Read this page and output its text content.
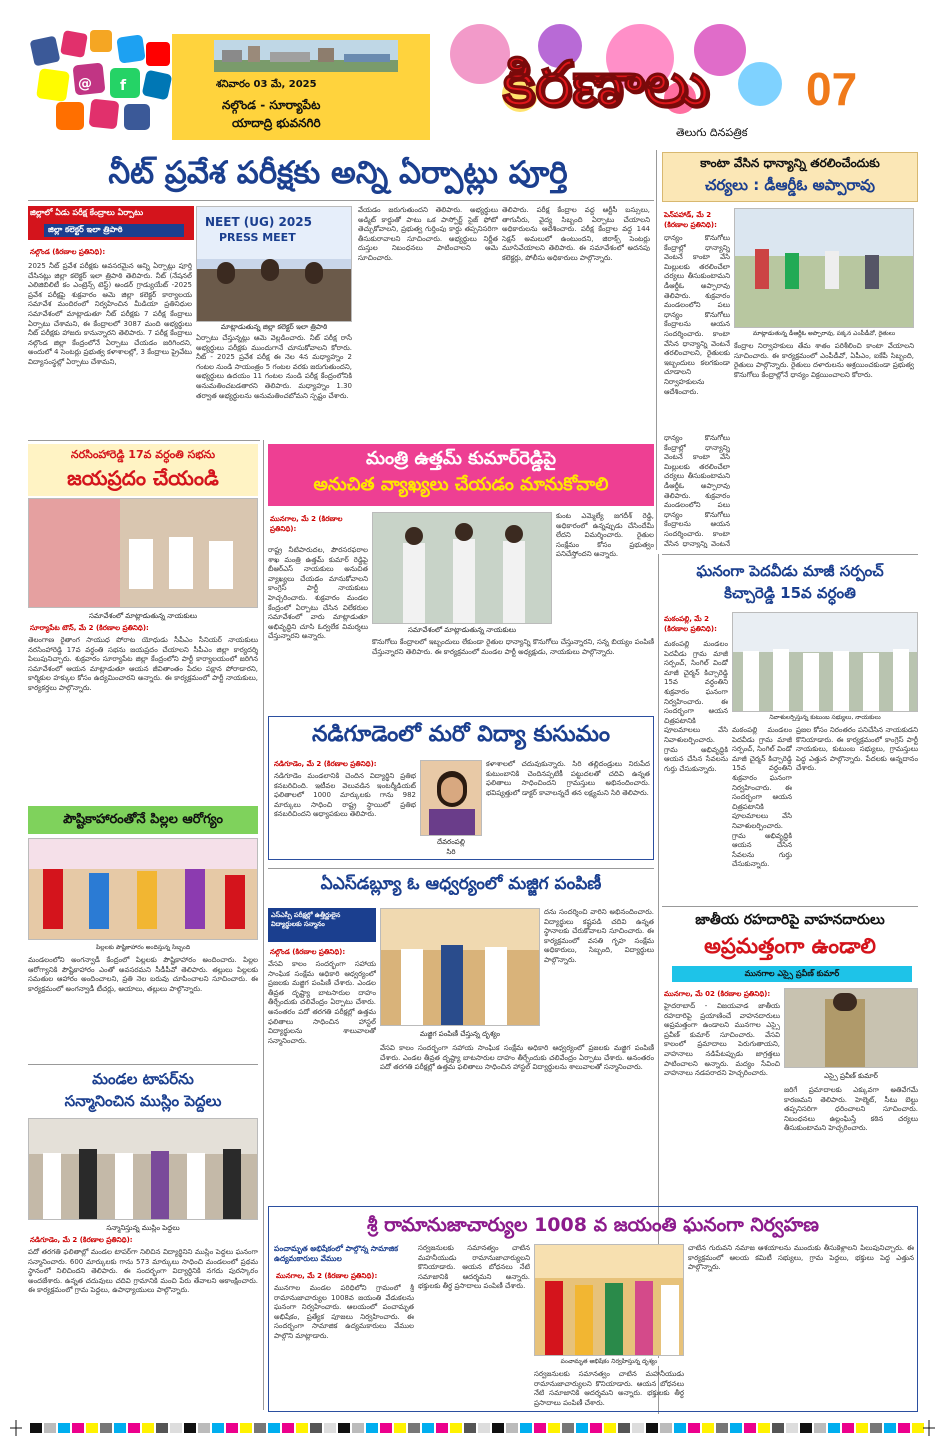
@ f	శనివారం 03 మే, 2025
నల్గొండ - సూర్యాపేట
యాదాద్రి భువనగిరి
కిరణాలు
తెలుగు దినపత్రిక
07
నీట్ ప్రవేశ పరీక్షకు అన్ని ఏర్పాట్లు పూర్తి
జిల్లాలో ఏడు పరీక్ష కేంద్రాలు ఏర్పాటు
జిల్లా కలెక్టర్ ఇలా త్రిపాఠి
నల్గొండ (కిరణాల ప్రతినిధి):
2025 నీట్ ప్రవేశ పరీక్షకు అవసరమైన అన్ని ఏర్పాట్లు పూర్తి చేసినట్లు జిల్లా కలెక్టర్ ఇలా త్రిపాఠి తెలిపారు. నీట్ (నేషనల్ ఎలిజిబిలిటీ కం ఎంట్రెన్స్ టెస్ట్) అండర్ గ్రాడ్యుయేట్ -2025 ప్రవేశ పరీక్షపై శుక్రవారం ఆమె జిల్లా కలెక్టర్ కార్యాలయ సమావేశ మందిరంలో నిర్వహించిన మీడియా ప్రతినిధుల సమావేశంలో మాట్లాడుతూ నీట్ పరీక్షకు 7 పరీక్ష కేంద్రాలు ఏర్పాటు చేశామని, ఈ కేంద్రాలలో 3087 మంది అభ్యర్థులు నీట్ పరీక్షకు హాజరు కానున్నారని తెలిపారు. 7 పరీక్ష కేంద్రాలు నల్గొండ జిల్లా కేంద్రంలోనే ఏర్పాటు చేయడం జరిగిందని, అందులో 4 సెంటర్లు ప్రభుత్వ కళాశాలల్లో, 3 కేంద్రాలు ప్రైవేటు విద్యాసంస్థల్లో ఏర్పాటు చేశామని,
NEET (UG) 2025
PRESS MEET
మాట్లాడుతున్న జిల్లా కలెక్టర్ ఇలా త్రిపాఠి
ఏర్పాటు చేస్తున్నట్లు ఆమె వెల్లడించారు. నీట్ పరీక్ష రాసే అభ్యర్థులు పరీక్షకు ముందుగానే చూసుకోవాలని కోరారు. నీట్ - 2025 ప్రవేశ పరీక్ష ఈ నెల 4న మధ్యాహ్నం 2 గంటల నుండి సాయంత్రం 5 గంటల వరకు జరుగుతుందని, అభ్యర్థులు ఉదయం 11 గంటల నుండి పరీక్ష కేంద్రంలోనికి అనుమతించబడతారని తెలిపారు. మధ్యాహ్నం 1.30 తర్వాత అభ్యర్థులను అనుమతించబోమని స్పష్టం చేశారు.
వేయడం జరుగుతుందని తెలిపారు. అభ్యర్థులు అడ్మిట్ కార్డుతో పాటు ఒక పాస్పోర్ట్ సైజ్ ఫోటో తెచ్చుకోవాలని, ప్రభుత్వ గుర్తింపు కార్డు తప్పనిసరిగా తీసుకురావాలని సూచించారు. అభ్యర్థులు నిర్ణీత దుస్తుల నిబంధనలు పాటించాలని ఆమె సూచించారు.
తెలిపారు. పరీక్ష కేంద్రాల వద్ద ఆర్టీసీ బస్సులు, తాగునీరు, వైద్య సిబ్బంది ఏర్పాటు చేయాలని అధికారులను ఆదేశించారు. పరీక్ష కేంద్రాల వద్ద 144 సెక్షన్ అమలులో ఉంటుందని, జిరాక్స్ సెంటర్లు మూసివేయాలని తెలిపారు. ఈ సమావేశంలో అదనపు కలెక్టర్లు, పోలీసు అధికారులు పాల్గొన్నారు.
కాంటా వేసిన ధాన్యాన్ని తరలించేందుకు
చర్యలు : డీఆర్డీఓ అప్పారావు
పెన్‌పహాడ్, మే 2 (కిరణాల ప్రతినిధి):
ధాన్యం కొనుగోలు కేంద్రాల్లో ధాన్యాన్ని వెంటనే కాంటా వేసి మిల్లులకు తరలించేలా చర్యలు తీసుకుంటామని డీఆర్డీఓ అప్పారావు తెలిపారు. శుక్రవారం మండలంలోని పలు ధాన్యం కొనుగోలు కేంద్రాలను ఆయన సందర్శించారు. కాంటా వేసిన ధాన్యాన్ని వెంటనే తరలించాలని, రైతులకు ఇబ్బందులు కలగకుండా చూడాలని నిర్వాహకులను ఆదేశించారు.
మాట్లాడుతున్న డీఆర్డీఓ అప్పారావు, పక్కన ఎంపీడీవో, రైతులు
కేంద్రాల నిర్వాహకులు తేమ శాతం పరిశీలించి కాంటా వేయాలని సూచించారు. ఈ కార్యక్రమంలో ఎంపీడీవో, ఏపీఎం, ఐకేపీ సిబ్బంది, రైతులు పాల్గొన్నారు. రైతులు దళారులను ఆశ్రయించకుండా ప్రభుత్వ కొనుగోలు కేంద్రాల్లోనే ధాన్యం విక్రయించాలని కోరారు.
ధాన్యం కొనుగోలు కేంద్రాల్లో ధాన్యాన్ని వెంటనే కాంటా వేసి మిల్లులకు తరలించేలా చర్యలు తీసుకుంటామని డీఆర్డీఓ అప్పారావు తెలిపారు. శుక్రవారం మండలంలోని పలు ధాన్యం కొనుగోలు కేంద్రాలను ఆయన సందర్శించారు. కాంటా వేసిన ధాన్యాన్ని వెంటనే
నరసింహారెడ్డి 17వ వర్ధంతి సభను
జయప్రదం చేయండి
సమావేశంలో మాట్లాడుతున్న నాయకులు
సూర్యాపేట టౌన్, మే 2 (కిరణాల ప్రతినిధి):
తెలంగాణ రైతాంగ సాయుధ పోరాట యోధుడు సీపీఎం సీనియర్ నాయకులు నరసింహారెడ్డి 17వ వర్ధంతి సభను జయప్రదం చేయాలని సీపీఎం జిల్లా కార్యదర్శి పిలుపునిచ్చారు. శుక్రవారం సూర్యాపేట జిల్లా కేంద్రంలోని పార్టీ కార్యాలయంలో జరిగిన సమావేశంలో ఆయన మాట్లాడుతూ ఆయన జీవితాంతం పేదల పక్షాన పోరాడారని, కార్మికుల హక్కుల కోసం ఉద్యమించారని అన్నారు. ఈ కార్యక్రమంలో పార్టీ నాయకులు, కార్యకర్తలు పాల్గొన్నారు.
మంత్రి ఉత్తమ్ కుమార్‌రెడ్డిపై
అనుచిత వ్యాఖ్యలు చేయడం మానుకోవాలి
మునగాల, మే 2 (కిరణాల ప్రతినిధి):
రాష్ట్ర నీటిపారుదల, పౌరసరఫరాల శాఖ మంత్రి ఉత్తమ్ కుమార్ రెడ్డిపై బీఆర్ఎస్ నాయకులు అనుచిత వ్యాఖ్యలు చేయడం మానుకోవాలని కాంగ్రెస్ పార్టీ నాయకులు హెచ్చరించారు. శుక్రవారం మండల కేంద్రంలో ఏర్పాటు చేసిన విలేకరుల సమావేశంలో వారు మాట్లాడుతూ అభివృద్ధిని చూసి ఓర్వలేక విమర్శలు చేస్తున్నారని అన్నారు.
సమావేశంలో మాట్లాడుతున్న నాయకులు
కుంట ఎమ్మెల్యే జగదీశ్ రెడ్డి, అధికారంలో ఉన్నప్పుడు చేసిందేమీ లేదని విమర్శించారు. రైతుల సంక్షేమం కోసం ప్రభుత్వం పనిచేస్తోందని అన్నారు.
కొనుగోలు కేంద్రాలలో ఇబ్బందులు లేకుండా రైతుల ధాన్యాన్ని కొనుగోలు చేస్తున్నారని, సన్న బియ్యం పంపిణీ చేస్తున్నారని తెలిపారు. ఈ కార్యక్రమంలో మండల పార్టీ అధ్యక్షుడు, నాయకులు పాల్గొన్నారు.
నడిగూడెంలో మరో విద్యా కుసుమం
నడిగూడెం, మే 2 (కిరణాల ప్రతినిధి):
నడిగూడెం మండలానికి చెందిన విద్యార్థిని ప్రతిభ కనబరిచింది. ఇటీవల వెలువడిన ఇంటర్మీడియట్ ఫలితాలలో 1000 మార్కులకు గాను 982 మార్కులు సాధించి రాష్ట్ర స్థాయిలో ప్రతిభ కనబరిచిందని అధ్యాపకులు తెలిపారు.
దేవరంపల్లి
సిరి
కళాశాలలో చదువుకున్నారు. సిరి తల్లిదండ్రులు నిరుపేద కుటుంబానికి చెందినప్పటికీ పట్టుదలతో చదివి ఉన్నత ఫలితాలు సాధించిందని గ్రామస్తులు అభినందించారు. భవిష్యత్తులో డాక్టర్ కావాలన్నదే తన లక్ష్యమని సిరి తెలిపారు.
ఘనంగా పెదవీడు మాజీ సర్పంచ్
కిచ్చారెడ్డి 15వ వర్ధంతి
మఠంపల్లి, మే 2 (కిరణాల ప్రతినిధి):
మఠంపల్లి మండలం పెదవీడు గ్రామ మాజీ సర్పంచ్, సింగిల్ విండో మాజీ చైర్మన్ కిచ్చారెడ్డి 15వ వర్ధంతిని శుక్రవారం ఘనంగా నిర్వహించారు. ఈ సందర్భంగా ఆయన చిత్రపటానికి పూలమాలలు వేసి నివాళులర్పించారు. గ్రామ అభివృద్ధికి ఆయన చేసిన సేవలను గుర్తు చేసుకున్నారు.
నివాళులర్పిస్తున్న కుటుంబ సభ్యులు, నాయకులు
ప్రజల కోసం నిరంతరం పనిచేసిన నాయకుడని కొనియాడారు. ఈ కార్యక్రమంలో కాంగ్రెస్ పార్టీ నాయకులు, కుటుంబ సభ్యులు, గ్రామస్తులు పెద్ద ఎత్తున పాల్గొన్నారు. పేదలకు అన్నదానం చేశారు.
మఠంపల్లి మండలం పెదవీడు గ్రామ మాజీ సర్పంచ్, సింగిల్ విండో మాజీ చైర్మన్ కిచ్చారెడ్డి 15వ వర్ధంతిని శుక్రవారం ఘనంగా నిర్వహించారు. ఈ సందర్భంగా ఆయన చిత్రపటానికి పూలమాలలు వేసి నివాళులర్పించారు. గ్రామ అభివృద్ధికి ఆయన చేసిన సేవలను గుర్తు చేసుకున్నారు.
పౌష్టికాహారంతోనే పిల్లల ఆరోగ్యం
పిల్లలకు పౌష్టికాహారం అందిస్తున్న సిబ్బంది
మండలంలోని అంగన్వాడీ కేంద్రంలో పిల్లలకు పౌష్టికాహారం అందించారు. పిల్లల ఆరోగ్యానికి పౌష్టికాహారం ఎంతో అవసరమని సీడీపీవో తెలిపారు. తల్లులు పిల్లలకు సమతుల ఆహారం అందించాలని, ప్రతి నెల బరువు చూపించాలని సూచించారు. ఈ కార్యక్రమంలో అంగన్వాడీ టీచర్లు, ఆయాలు, తల్లులు పాల్గొన్నారు.
ఏఎస్‌డబ్ల్యూ ఓ ఆధ్వర్యంలో మజ్జిగ పంపిణీ
ఎస్ఎస్సీ పరీక్షల్లో ఉత్తీర్ణులైన విద్యార్థులకు సన్మానం
నల్గొండ (కిరణాల ప్రతినిధి):
వేసవి కాలం సందర్భంగా సహాయ సాంఘిక సంక్షేమ అధికారి ఆధ్వర్యంలో ప్రజలకు మజ్జిగ పంపిణీ చేశారు. ఎండల తీవ్రత దృష్ట్యా బాటసారుల దాహం తీర్చేందుకు చలివేంద్రం ఏర్పాటు చేశారు. అనంతరం పదో తరగతి పరీక్షల్లో ఉత్తమ ఫలితాలు సాధించిన హాస్టల్ విద్యార్థులను శాలువాలతో సన్మానించారు.
మజ్జిగ పంపిణీ చేస్తున్న దృశ్యం
దను సందర్శించి వారిని అభినందించారు. విద్యార్థులు కష్టపడి చదివి ఉన్నత స్థానాలకు చేరుకోవాలని సూచించారు. ఈ కార్యక్రమంలో వసతి గృహ సంక్షేమ అధికారులు, సిబ్బంది, విద్యార్థులు పాల్గొన్నారు.
వేసవి కాలం సందర్భంగా సహాయ సాంఘిక సంక్షేమ అధికారి ఆధ్వర్యంలో ప్రజలకు మజ్జిగ పంపిణీ చేశారు. ఎండల తీవ్రత దృష్ట్యా బాటసారుల దాహం తీర్చేందుకు చలివేంద్రం ఏర్పాటు చేశారు. అనంతరం పదో తరగతి పరీక్షల్లో ఉత్తమ ఫలితాలు సాధించిన హాస్టల్ విద్యార్థులను శాలువాలతో సన్మానించారు.
జాతీయ రహదారిపై వాహనదారులు
అప్రమత్తంగా ఉండాలి
మునగాల ఎస్సై ప్రవీణ్ కుమార్
మునగాల, మే 02 (కిరణాల ప్రతినిధి):
హైదరాబాద్ - విజయవాడ జాతీయ రహదారిపై ప్రయాణించే వాహనదారులు అప్రమత్తంగా ఉండాలని మునగాల ఎస్సై ప్రవీణ్ కుమార్ సూచించారు. వేసవి కాలంలో ప్రమాదాలు పెరుగుతాయని, వాహనాలు నడిపేటప్పుడు జాగ్రత్తలు పాటించాలని అన్నారు. మద్యం సేవించి వాహనాలు నడపరాదని హెచ్చరించారు.	ఎస్సై ప్రవీణ్ కుమార్
జరిగే ప్రమాదాలకు ఎక్కువగా అతివేగమే కారణమని తెలిపారు. హెల్మెట్, సీటు బెల్టు తప్పనిసరిగా ధరించాలని సూచించారు. నిబంధనలు ఉల్లంఘిస్తే కఠిన చర్యలు తీసుకుంటామని హెచ్చరించారు.
మండల టాపర్‌ను
సన్మానించిన ముస్లిం పెద్దలు
సన్మానిస్తున్న ముస్లిం పెద్దలు
నడిగూడెం, మే 2 (కిరణాల ప్రతినిధి):
పదో తరగతి ఫలితాల్లో మండల టాపర్‌గా నిలిచిన విద్యార్థినిని ముస్లిం పెద్దలు ఘనంగా సన్మానించారు. 600 మార్కులకు గాను 573 మార్కులు సాధించి మండలంలో ప్రథమ స్థానంలో నిలిచిందని తెలిపారు. ఈ సందర్భంగా విద్యార్థినికి నగదు పురస్కారం అందజేశారు. ఉన్నత చదువులు చదివి గ్రామానికి మంచి పేరు తేవాలని ఆకాంక్షించారు. ఈ కార్యక్రమంలో గ్రామ పెద్దలు, ఉపాధ్యాయులు పాల్గొన్నారు.
శ్రీ రామానుజాచార్యుల 1008 వ జయంతి ఘనంగా నిర్వహణ
పంచామృత అభిషేకంలో పాల్గొన్న సామాజిక ఉద్యమకారులు వేముల
మునగాల, మే 2 (కిరణాల ప్రతినిధి):
మునగాల మండల పరిధిలోని గ్రామంలో శ్రీ రామానుజాచార్యుల 1008వ జయంతి వేడుకలను ఘనంగా నిర్వహించారు. ఆలయంలో పంచామృత అభిషేకం, ప్రత్యేక పూజలు నిర్వహించారు. ఈ సందర్భంగా సామాజిక ఉద్యమకారులు వేముల పాల్గొని మాట్లాడారు.
సర్వజనులకు సమానత్వం చాటిన మహనీయుడు రామానుజాచార్యులని కొనియాడారు. ఆయన బోధనలు నేటి సమాజానికి ఆదర్శమని అన్నారు. భక్తులకు తీర్థ ప్రసాదాలు పంపిణీ చేశారు.
పంచామృత అభిషేకం నిర్వహిస్తున్న దృశ్యం
సర్వజనులకు సమానత్వం చాటిన మహనీయుడు రామానుజాచార్యులని కొనియాడారు. ఆయన బోధనలు నేటి సమాజానికి ఆదర్శమని అన్నారు. భక్తులకు తీర్థ ప్రసాదాలు పంపిణీ చేశారు.
చాటిన గురువని నమాజ ఆశయాలను ముందుకు తీసుకెళ్లాలని పిలుపునిచ్చారు. ఈ కార్యక్రమంలో ఆలయ కమిటీ సభ్యులు, గ్రామ పెద్దలు, భక్తులు పెద్ద ఎత్తున పాల్గొన్నారు.
